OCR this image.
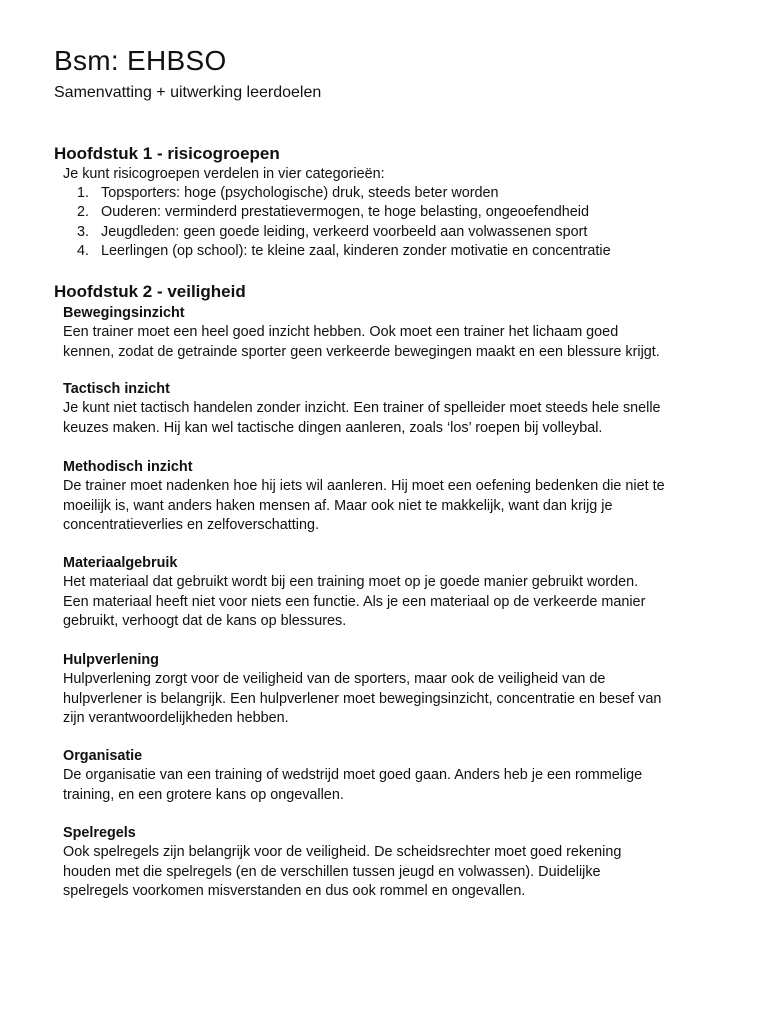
Bsm: EHBSO
Samenvatting + uitwerking leerdoelen
Hoofdstuk 1 - risicogroepen

Je kunt risicogroepen verdelen in vier categorieën:

1. Topsporters: hoge (psychologische) druk, steeds beter worden
2. Ouderen: verminderd prestatievermogen, te hoge belasting, ongeoefendheid
3. Jeugdleden: geen goede leiding, verkeerd voorbeeld aan volwassenen sport
4. Leerlingen (op school): te kleine zaal, kinderen zonder motivatie en concentratie
Hoofdstuk 2 - veiligheid
Bewegingsinzicht

Een trainer moet een heel goed inzicht hebben. Ook moet een trainer het lichaam goed

kennen, zodat de getrainde sporter geen verkeerde bewegingen maakt en een blessure krijgt.

Tactisch inzicht

Je kunt niet tactisch handelen zonder inzicht. Een trainer of spelleider moet steeds hele snelle

keuzes maken. Hij kan wel tactische dingen aanleren, zoals ‘los’ roepen bij volleybal.

Methodisch inzicht

De trainer moet nadenken hoe hij iets wil aanleren. Hij moet een oefening bedenken die niet te

moeilijk is, want anders haken mensen af. Maar ook niet te makkelijk, want dan krijg je

concentratieverlies en zelfoverschatting.

Materiaalgebruik

Het materiaal dat gebruikt wordt bij een training moet op je goede manier gebruikt worden.

Een materiaal heeft niet voor niets een functie. Als je een materiaal op de verkeerde manier

gebruikt, verhoogt dat de kans op blessures.

Hulpverlening

Hulpverlening zorgt voor de veiligheid van de sporters, maar ook de veiligheid van de

hulpverlener is belangrijk. Een hulpverlener moet bewegingsinzicht, concentratie en besef van

zijn verantwoordelijkheden hebben.

Organisatie

De organisatie van een training of wedstrijd moet goed gaan. Anders heb je een rommelige

training, en een grotere kans op ongevallen.

Spelregels

Ook spelregels zijn belangrijk voor de veiligheid. De scheidsrechter moet goed rekening

houden met die spelregels (en de verschillen tussen jeugd en volwassen). Duidelijke

spelregels voorkomen misverstanden en dus ook rommel en ongevallen.
